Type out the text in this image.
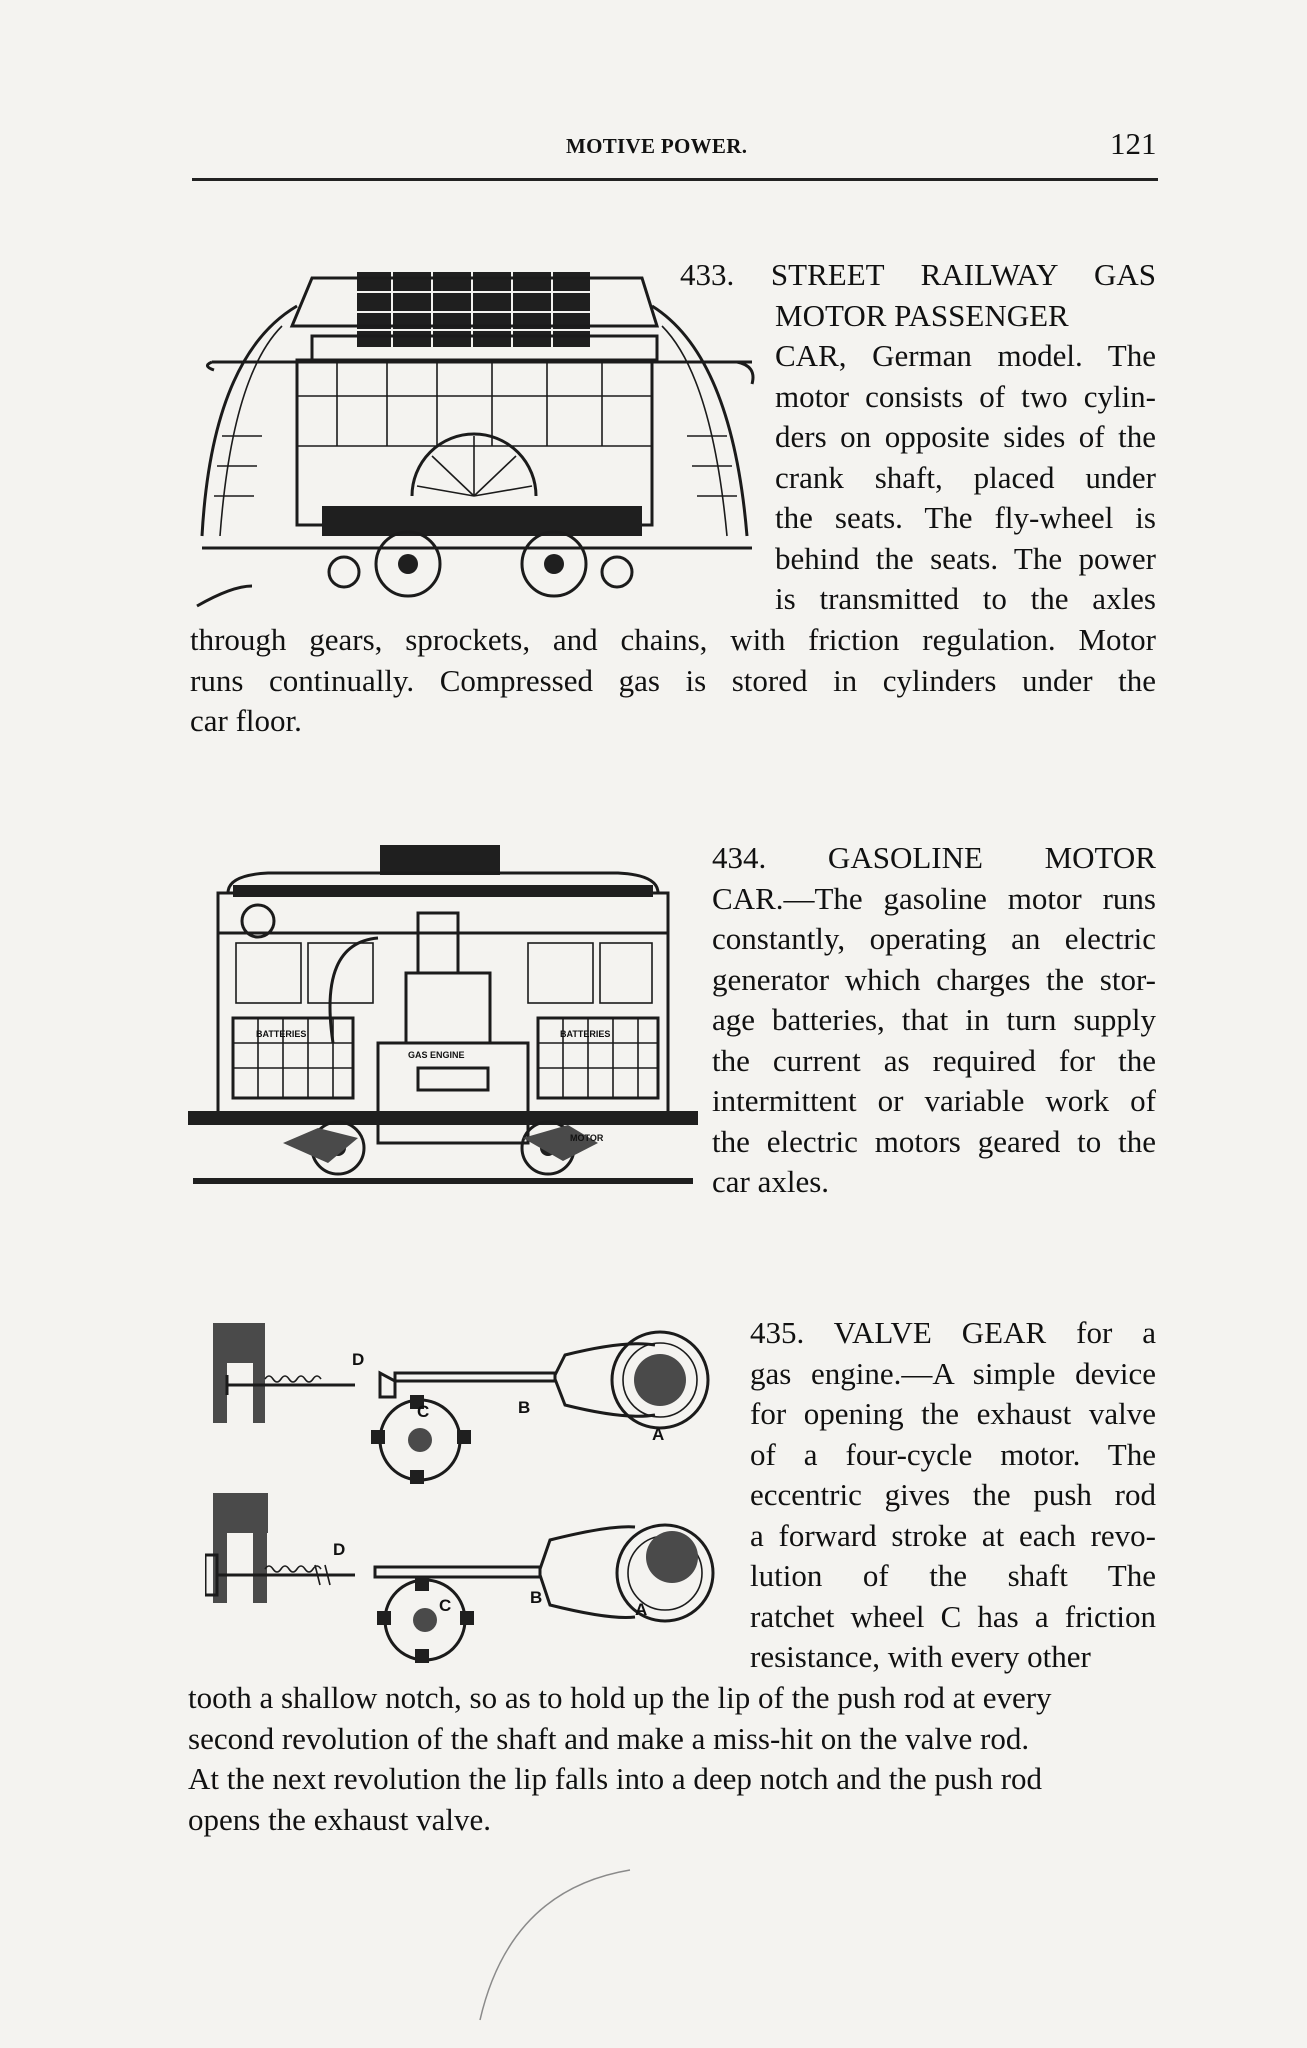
MOTIVE POWER.	121
433. STREET RAILWAY GAS
MOTOR PASSENGER
CAR, German model. The
motor consists of two cylin-
ders on opposite sides of the
crank shaft, placed under
the seats. The fly-wheel is
behind the seats. The power
is transmitted to the axles
through gears, sprockets, and chains, with friction regulation. Motor
runs continually. Compressed gas is stored in cylinders under the
car floor.
GAS ENGINE
BATTERIES	BATTERIES
MOTOR
434. GASOLINE MOTOR
CAR.—The gasoline motor runs
constantly, operating an electric
generator which charges the stor-
age batteries, that in turn supply
the current as required for the
intermittent or variable work of
the electric motors geared to the
car axles.
D
C	B
A
D
C	B
A
435. VALVE GEAR for a
gas engine.—A simple device
for opening the exhaust valve
of a four-cycle motor. The
eccentric gives the push rod
a forward stroke at each revo-
lution of the shaft The
ratchet wheel C has a friction
resistance, with every other
tooth a shallow notch, so as to hold up the lip of the push rod at every
second revolution of the shaft and make a miss-hit on the valve rod.
At the next revolution the lip falls into a deep notch and the push rod
opens the exhaust valve.
